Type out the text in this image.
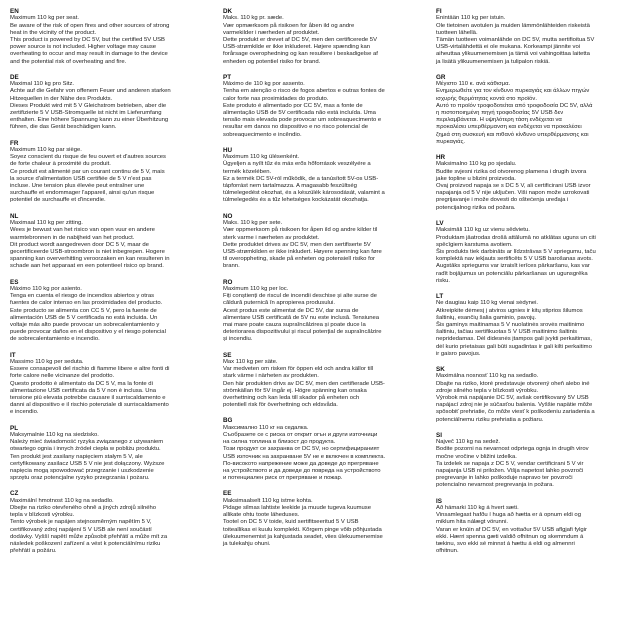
EN
Maximum 110 kg per seat.
Be aware of the risk of open fires and other sources of strong
heat in the vicinity of the product.
This product is powered by DC 5V, but the certified 5V USB
power source is not included. Higher voltage may cause
overheating to occur and may result in damage to the device
and the potential risk of overheating and fire.
DE
Maximal 110 kg pro Sitz.
Achte auf die Gefahr von offenem Feuer und anderen starken
Hitzequellen in der Nähe des Produkts.
Dieses Produkt wird mit 5 V Gleichstrom betrieben, aber die
zertifizierte 5 V USB-Stromquelle ist nicht im Lieferumfang
enthalten. Eine höhere Spannung kann zu einer Überhitzung
führen, die das Gerät beschädigen kann.
FR
Maximum 110 kg par siège.
Soyez conscient du risque de feu ouvert et d'autres sources
de forte chaleur à proximité du produit.
Ce produit est alimenté par un courant continu de 5 V, mais
la source d'alimentation USB certifiée de 5 V n'est pas
incluse. Une tension plus élevée peut entraîner une
surchauffe et endommager l'appareil, ainsi qu'un risque
potentiel de surchauffe et d'incendie.
NL
Maximaal 110 kg per zitting.
Wees je bewust van het risico van open vuur en andere
warmtebronnen in de nabijheid van het product.
Dit product wordt aangedreven door DC 5 V, maar de
gecertificeerde USB-stroombron is niet inbegrepen. Hogere
spanning kan oververhitting veroorzaken en kan resulteren in
schade aan het apparaat en een potentieel risico op brand.
ES
Máximo 110 kg por asiento.
Tenga en cuenta el riesgo de incendios abiertos y otras
fuentes de calor intenso en las proximidades del producto.
Este producto se alimenta con CC 5 V, pero la fuente de
alimentación USB de 5 V certificada no está incluida. Un
voltaje más alto puede provocar un sobrecalentamiento y
puede provocar daños en el dispositivo y el riesgo potencial
de sobrecalentamiento e incendio.
IT
Massimo 110 kg per seduta.
Essere consapevoli del rischio di fiamme libere e altre fonti di
forte calore nelle vicinanze del prodotto.
Questo prodotto è alimentato da DC 5 V, ma la fonte di
alimentazione USB certificata da 5 V non è inclusa. Una
tensione più elevata potrebbe causare il surriscaldamento e
danni al dispositivo e il rischio potenziale di surriscaldamento
e incendio.
PL
Maksymalnie 110 kg na siedzisko.
Należy mieć świadomość ryzyka związanego z używaniem
otwartego ognia i innych źródeł ciepła w pobliżu produktu.
Ten produkt jest zasilany napięciem stałym 5 V, ale
certyfikowany zasilacz USB 5 V nie jest dołączony. Wyższe
napięcia mogą spowodować przegrzanie i uszkodzenie
sprzętu oraz potencjalne ryzyko przegrzania i pożaru.
CZ
Maximální hmotnost 110 kg na sedadlo.
Dbejte na riziko otevřeného ohně a jiných zdrojů silného
tepla v blízkosti výrobku.
Tento výrobek je napájen stejnosměrným napětím 5 V,
certifikovaný zdroj napájení 5 V USB ale není součástí
dodávky. Vyšší napětí může způsobit přehřátí a může mít za
následek poškození zařízení a vést k potenciálnímu riziku
přehřátí a požáru.
DK
Maks. 110 kg pr. sæde.
Vær opmærksom på risikoen for åben ild og andre
varmekilder i nærheden af produktet.
Dette produkt er drevet af DC 5V, men den certificerede 5V
USB-strømkilde er ikke inkluderet. Højere spænding kan
forårsage overophedning og kan resultere i beskadigelse af
enheden og potentiel risiko for brand.
PT
Máximo de 110 kg por assento.
Tenha em atenção o risco de fogos abertos e outras fontes de
calor forte nas proximidades do produto.
Este produto é alimentado por CC 5V, mas a fonte de
alimentação USB de 5V certificada não está incluída. Uma
tensão mais elevada pode provocar um sobreaquecimento e
resultar em danos no dispositivo e no risco potencial de
sobreaquecimento e incêndio.
HU
Maximum 110 kg ülésenként.
Ügyeljen a nyílt tűz és más erős hőforrások veszélyére a
termék közelében.
Ez a termék DC 5V-ról működik, de a tanúsított 5V-os USB-
tápforrást nem tartalmazza. A magasabb feszültség
túlmelegedést okozhat, és a készülék károsodását, valamint a
túlmelegedés és a tűz lehetséges kockázatát okozhatja.
NO
Maks. 110 kg per sete.
Vær oppmerksom på risikoen for åpen ild og andre kilder til
sterk varme i nærheten av produktet.
Dette produktet drives av DC 5V, men den sertifiserte 5V
USB-strømkilden er ikke inkludert. Høyere spenning kan føre
til overoppheting, skade på enheten og potensiell risiko for
brann.
RO
Maximum 110 kg per loc.
Fiți conștienți de riscul de incendii deschise și alte surse de
căldură puternică în apropierea produsului.
Acest produs este alimentat de DC 5V, dar sursa de
alimentare USB certificată de 5V nu este inclusă. Tensiunea
mai mare poate cauza supraîncălzirea și poate duce la
deteriorarea dispozitivului și riscul potențial de supraîncălzire
și incendiu.
SE
Max 110 kg per säte.
Var medveten om risken för öppen eld och andra källor till
stark värme i närheten av produkten.
Den här produkten drivs av DC 5V, men den certifierade USB-
strömkällan för 5V ingår ej. Högre spänning kan orsaka
överhettning och kan leda till skador på enheten och
potentiell risk för överhettning och eldsvåda.
BG
Максимално 110 кг на седалка.
Съобразете се с риска от открит огън и други източници
на силна топлина в близост до продукта.
Този продукт се захранва от DC 5V, но сертифицираният
USB източник на захранване 5V не е включен в комплекта.
По-високото напрежение може да доведе до прегряване
на устройството и да доведе до повреда на устройството
и потенциален риск от прегряване и пожар.
EE
Maksimaalselt 110 kg istme kohta.
Pidage silmas lahtiste leekide ja muude tugeva kuumuse
allikate ohtu toote läheduses.
Tootel on DC 5 V toide, kuid sertifitseeritud 5 V USB
toiteallikas ei kuulu komplekti. Kõrgem pinge võib põhjustada
ülekuumenemist ja kahjustada seadet, viies ülekuumenemise
ja tulekahju ohuni.
FI
Enintään 110 kg per istuin.
Ole tietoinen avotulen ja muiden lämmönlähteiden riskeistä
tuotteen lähellä.
Tämän tuotteen voimanlähde on DC 5V, mutta sertifioitua 5V
USB-virtalähdettä ei ole mukana. Korkeampi jännite voi
aiheuttaa ylikuumenemisen ja tämä voi vahingoittaa laitetta
ja lisätä ylikuumenemisen ja tulipalon riskiä.
GR
Μέγιστο 110 κ. ανά κάθισμα.
Ενημερωθείτε για τον κίνδυνο πυρκαγιάς και άλλων πηγών
ισχυρής θερμότητας κοντά στο προϊόν.
Αυτό το προϊόν τροφοδοτείται από τροφοδοσία DC 5V, αλλά
η πιστοποιημένη πηγή τροφοδοσίας 5V USB δεν
περιλαμβάνεται. Η υψηλότερη τάση ενδέχεται να
προκαλέσει υπερθέρμανση και ενδέχεται να προκαλέσει
ζημιά στη συσκευή και πιθανό κίνδυνο υπερθέρμανσης και
πυρκαγιάς.
HR
Maksimalno 110 kg po sjedalu.
Budite svjesni rizika od otvorenog plamena i drugih izvora
jake topline u blizini proizvoda.
Ovaj proizvod napaja se s DC 5 V, ali certificirani USB izvor
napajanja od 5 V nije uključen. Viši napon može uzrokovati
pregrijavanje i može dovesti do oštećenja uređaja i
potencijalnog rizika od požara.
LV
Maksimāli 110 kg uz vienu sēdvietu.
Produktam jāatrodas drošā attālumā no atklātas uguns un citi
spēcīgiem karstuma avotiem.
Šis produkts tiek darbināts ar līdzstrāvas 5 V spriegumu, taču
komplektā nav iekļauts sertificēts 5 V USB barošanas avots.
Augstāks spriegums var izraisīt ierīces pārkaršanu, kas var
radīt bojājumus un potenciālu pārkaršanas un ugunsgrēka
risku.
LT
Ne daugiau kaip 110 kg vienai sėdynei.
Atkreipkite dėmesį į atviros ugnies ir kitų stiprios šilumos
šaltinių, esančių šalia gaminio, pavojų.
Šis gaminys maitinamas 5 V nuolatinės srovės maitinimo
šaltiniu, tačiau sertifikuotas 5 V USB maitinimo šaltinis
nepridedamas. Dėl didesnės įtampos gali įvykti perkaitimas,
dėl kurio prietaisas gali būti sugadintas ir gali kilti perkaitimo
ir gaisro pavojus.
SK
Maximálna nosnosť 110 kg na sedadlo.
Dbajte na riziko, ktoré predstavuje otvorený oheň alebo iné
zdroje silného tepla v blízkosti výrobku.
Výrobok má napájanie DC 5V, avšak certifikovaný 5V USB
napájací zdroj nie je súčasťou balenia. Vyššie napätie môže
spôsobiť prehriatie, čo môže viesť k poškodeniu zariadenia a
potenciálnemu riziku prehriatia a požiaru.
SI
Največ 110 kg na sedež.
Bodite pozorni na nevarnost odprtega ognja in drugih virov
močne vročine v bližini izdelka.
Ta izdelek se napaja z DC 5 V, vendar certificirani 5 V vir
napajanja USB ni priložen. Višja napetost lahko povzroči
pregrevanje in lahko poškoduje napravo ter povzroči
potencialno nevarnost pregrevanja in požara.
IS
Að hámarki 110 kg á hvert sæti.
Vinsamlegast hafðu í huga að hætta er á opnum eldi og
miklum hita nálægt vörunni.
Varan er knúin af DC 5V, en vottaður 5V USB aflgjafi fylgir
ekki. Hærri spenna gæti valdið ofhitnun og skemmdum á
tækinu, svo ekki sé minnst á hættu á eldi og almennri
ofhitnun.
